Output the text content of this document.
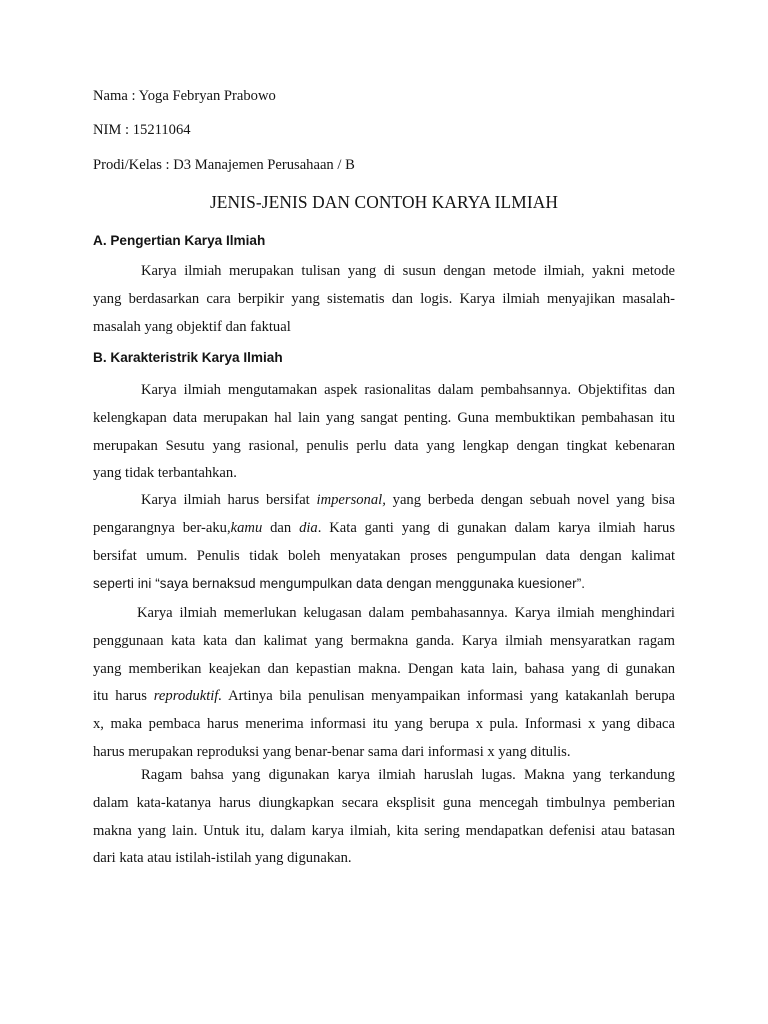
Nama : Yoga Febryan Prabowo
NIM : 15211064
Prodi/Kelas : D3 Manajemen Perusahaan / B
JENIS-JENIS DAN CONTOH KARYA ILMIAH
A. Pengertian Karya Ilmiah
Karya ilmiah merupakan tulisan yang di susun dengan metode ilmiah, yakni metode
yang berdasarkan cara berpikir yang sistematis dan logis. Karya ilmiah menyajikan masalah-
masalah yang objektif dan faktual
B. Karakteristrik Karya Ilmiah
Karya ilmiah mengutamakan aspek rasionalitas dalam pembahsannya. Objektifitas dan
kelengkapan data merupakan hal lain yang sangat penting. Guna membuktikan pembahasan itu
merupakan Sesutu yang rasional, penulis perlu data yang lengkap dengan tingkat kebenaran
yang tidak terbantahkan.
Karya ilmiah harus bersifat impersonal, yang berbeda dengan sebuah novel yang bisa
pengarangnya ber-aku,kamu dan dia. Kata ganti yang di gunakan dalam karya ilmiah harus
bersifat umum. Penulis tidak boleh menyatakan proses pengumpulan data dengan kalimat
seperti ini “saya bernaksud mengumpulkan data dengan menggunaka kuesioner”.
Karya ilmiah memerlukan kelugasan dalam pembahasannya. Karya ilmiah menghindari
penggunaan kata kata dan kalimat yang bermakna ganda. Karya ilmiah mensyaratkan ragam
yang memberikan keajekan dan kepastian makna. Dengan kata lain, bahasa yang di gunakan
itu harus reproduktif. Artinya bila penulisan menyampaikan informasi yang katakanlah berupa
x, maka pembaca harus menerima informasi itu yang berupa x pula. Informasi x yang dibaca
harus merupakan reproduksi yang benar-benar sama dari informasi x yang ditulis.
Ragam bahsa yang digunakan karya ilmiah haruslah lugas. Makna yang terkandung
dalam kata-katanya harus diungkapkan secara eksplisit guna mencegah timbulnya pemberian
makna yang lain. Untuk itu, dalam karya ilmiah, kita sering mendapatkan defenisi atau batasan
dari kata atau istilah-istilah yang digunakan.
